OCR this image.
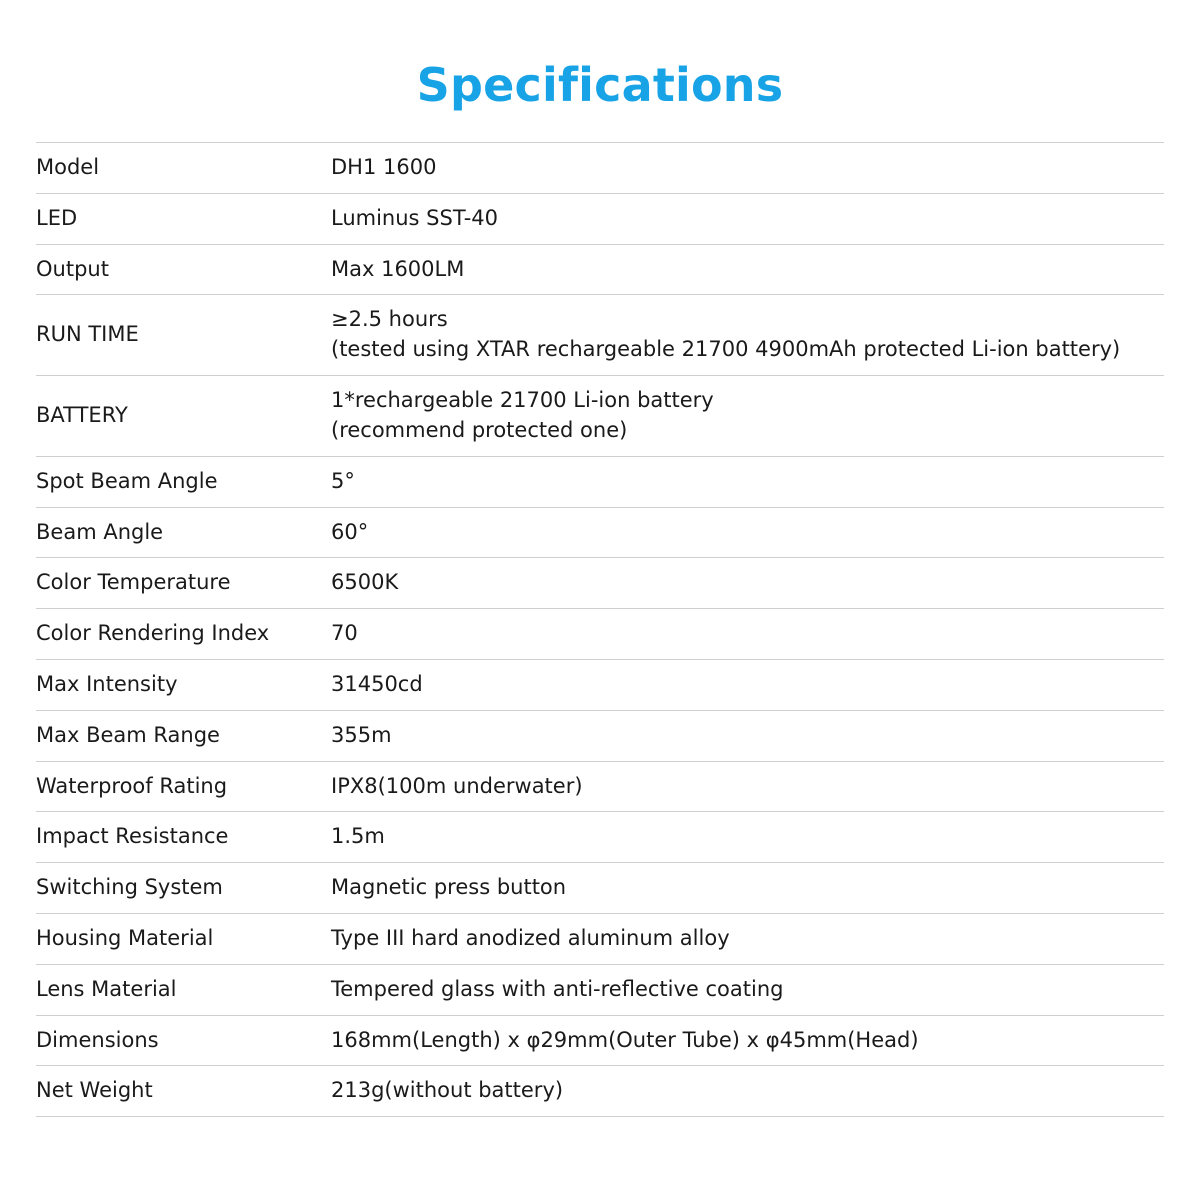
Specifications
Model	DH1 1600

LED	Luminus SST-40

Output	Max 1600LM

RUN TIME	≥2.5 hours
(tested using XTAR rechargeable 21700 4900mAh protected Li-ion battery)

BATTERY	1*rechargeable 21700 Li-ion battery
(recommend protected one)

Spot Beam Angle	5°

Beam Angle	60°

Color Temperature	6500K

Color Rendering Index	70

Max Intensity	31450cd

Max Beam Range	355m

Waterproof Rating	IPX8(100m underwater)

Impact Resistance	1.5m

Switching System	Magnetic press button

Housing Material	Type III hard anodized aluminum alloy

Lens Material	Tempered glass with anti-reflective coating

Dimensions	168mm(Length) x φ29mm(Outer Tube) x φ45mm(Head)

Net Weight	213g(without battery)
